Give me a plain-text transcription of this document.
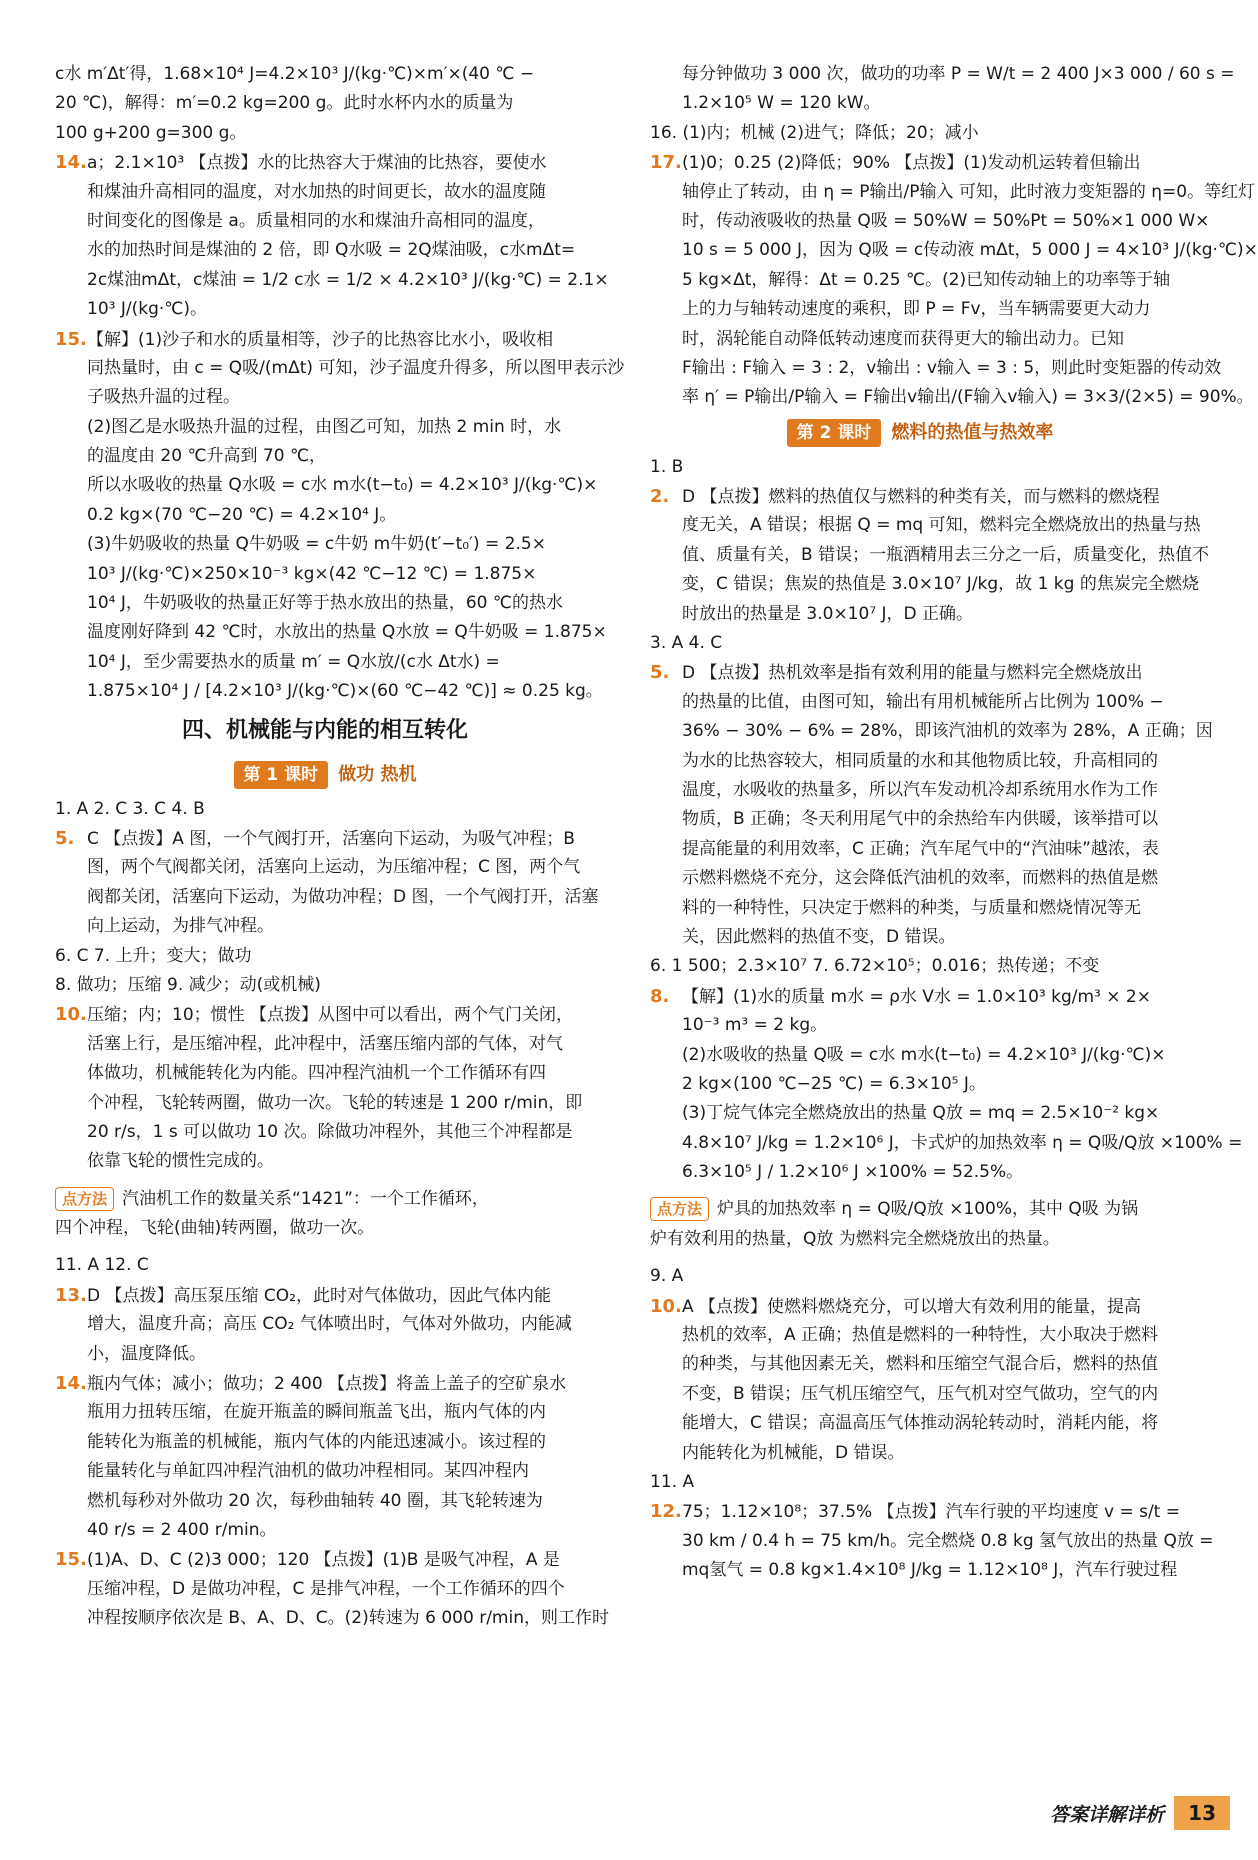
c水 m′Δt′得，1.68×10⁴ J=4.2×10³ J/(kg·℃)×m′×(40 ℃ −
20 ℃)，解得：m′=0.2 kg=200 g。此时水杯内水的质量为
100 g+200 g=300 g。
14.a；2.1×10³ 【点拨】水的比热容大于煤油的比热容，要使水
和煤油升高相同的温度，对水加热的时间更长，故水的温度随
时间变化的图像是 a。质量相同的水和煤油升高相同的温度，
水的加热时间是煤油的 2 倍，即 Q水吸 = 2Q煤油吸，c水mΔt=
2c煤油mΔt，c煤油 = 1/2 c水 = 1/2 × 4.2×10³ J/(kg·℃) = 2.1×
10³ J/(kg·℃)。
15.【解】(1)沙子和水的质量相等，沙子的比热容比水小，吸收相
同热量时，由 c = Q吸/(mΔt) 可知，沙子温度升得多，所以图甲表示沙
子吸热升温的过程。
(2)图乙是水吸热升温的过程，由图乙可知，加热 2 min 时，水
的温度由 20 ℃升高到 70 ℃，
所以水吸收的热量 Q水吸 = c水 m水(t−t₀) = 4.2×10³ J/(kg·℃)×
0.2 kg×(70 ℃−20 ℃) = 4.2×10⁴ J。
(3)牛奶吸收的热量 Q牛奶吸 = c牛奶 m牛奶(t′−t₀′) = 2.5×
10³ J/(kg·℃)×250×10⁻³ kg×(42 ℃−12 ℃) = 1.875×
10⁴ J，牛奶吸收的热量正好等于热水放出的热量，60 ℃的热水
温度刚好降到 42 ℃时，水放出的热量 Q水放 = Q牛奶吸 = 1.875×
10⁴ J，至少需要热水的质量 m′ = Q水放/(c水 Δt水) =
1.875×10⁴ J / [4.2×10³ J/(kg·℃)×(60 ℃−42 ℃)] ≈ 0.25 kg。
四、机械能与内能的相互转化
第 1 课时 做功 热机
1. A 2. C 3. C 4. B
5. C 【点拨】A 图，一个气阀打开，活塞向下运动，为吸气冲程；B
图，两个气阀都关闭，活塞向上运动，为压缩冲程；C 图，两个气
阀都关闭，活塞向下运动，为做功冲程；D 图，一个气阀打开，活塞
向上运动，为排气冲程。
6. C 7. 上升；变大；做功
8. 做功；压缩 9. 减少；动(或机械)
10.压缩；内；10；惯性 【点拨】从图中可以看出，两个气门关闭，
活塞上行，是压缩冲程，此冲程中，活塞压缩内部的气体，对气
体做功，机械能转化为内能。四冲程汽油机一个工作循环有四
个冲程，飞轮转两圈，做功一次。飞轮的转速是 1 200 r/min，即
20 r/s，1 s 可以做功 10 次。除做功冲程外，其他三个冲程都是
依靠飞轮的惯性完成的。
点方法 汽油机工作的数量关系“1421”：一个工作循环，
四个冲程，飞轮(曲轴)转两圈，做功一次。
11. A 12. C
13.D 【点拨】高压泵压缩 CO₂，此时对气体做功，因此气体内能
增大，温度升高；高压 CO₂ 气体喷出时，气体对外做功，内能减
小，温度降低。
14.瓶内气体；减小；做功；2 400 【点拨】将盖上盖子的空矿泉水
瓶用力扭转压缩，在旋开瓶盖的瞬间瓶盖飞出，瓶内气体的内
能转化为瓶盖的机械能，瓶内气体的内能迅速减小。该过程的
能量转化与单缸四冲程汽油机的做功冲程相同。某四冲程内
燃机每秒对外做功 20 次，每秒曲轴转 40 圈，其飞轮转速为
40 r/s = 2 400 r/min。
15.(1)A、D、C (2)3 000；120 【点拨】(1)B 是吸气冲程，A 是
压缩冲程，D 是做功冲程，C 是排气冲程，一个工作循环的四个
冲程按顺序依次是 B、A、D、C。(2)转速为 6 000 r/min，则工作时
每分钟做功 3 000 次，做功的功率 P = W/t = 2 400 J×3 000 / 60 s =
1.2×10⁵ W = 120 kW。
16. (1)内；机械 (2)进气；降低；20；减小
17.(1)0；0.25 (2)降低；90% 【点拨】(1)发动机运转着但输出
轴停止了转动，由 η = P输出/P输入 可知，此时液力变矩器的 η=0。等红灯
时，传动液吸收的热量 Q吸 = 50%W = 50%Pt = 50%×1 000 W×
10 s = 5 000 J，因为 Q吸 = c传动液 mΔt，5 000 J = 4×10³ J/(kg·℃)×
5 kg×Δt，解得：Δt = 0.25 ℃。(2)已知传动轴上的功率等于轴
上的力与轴转动速度的乘积，即 P = Fv，当车辆需要更大动力
时，涡轮能自动降低转动速度而获得更大的输出动力。已知
F输出 : F输入 = 3 : 2，v输出 : v输入 = 3 : 5，则此时变矩器的传动效
率 η′ = P输出/P输入 = F输出v输出/(F输入v输入) = 3×3/(2×5) = 90%。
第 2 课时 燃料的热值与热效率
1. B
2. D 【点拨】燃料的热值仅与燃料的种类有关，而与燃料的燃烧程
度无关，A 错误；根据 Q = mq 可知，燃料完全燃烧放出的热量与热
值、质量有关，B 错误；一瓶酒精用去三分之一后，质量变化，热值不
变，C 错误；焦炭的热值是 3.0×10⁷ J/kg，故 1 kg 的焦炭完全燃烧
时放出的热量是 3.0×10⁷ J，D 正确。
3. A 4. C
5. D 【点拨】热机效率是指有效利用的能量与燃料完全燃烧放出
的热量的比值，由图可知，输出有用机械能所占比例为 100% −
36% − 30% − 6% = 28%，即该汽油机的效率为 28%，A 正确；因
为水的比热容较大，相同质量的水和其他物质比较，升高相同的
温度，水吸收的热量多，所以汽车发动机冷却系统用水作为工作
物质，B 正确；冬天利用尾气中的余热给车内供暖，该举措可以
提高能量的利用效率，C 正确；汽车尾气中的“汽油味”越浓，表
示燃料燃烧不充分，这会降低汽油机的效率，而燃料的热值是燃
料的一种特性，只决定于燃料的种类，与质量和燃烧情况等无
关，因此燃料的热值不变，D 错误。
6. 1 500；2.3×10⁷ 7. 6.72×10⁵；0.016；热传递；不变
8. 【解】(1)水的质量 m水 = ρ水 V水 = 1.0×10³ kg/m³ × 2×
10⁻³ m³ = 2 kg。
(2)水吸收的热量 Q吸 = c水 m水(t−t₀) = 4.2×10³ J/(kg·℃)×
2 kg×(100 ℃−25 ℃) = 6.3×10⁵ J。
(3)丁烷气体完全燃烧放出的热量 Q放 = mq = 2.5×10⁻² kg×
4.8×10⁷ J/kg = 1.2×10⁶ J，卡式炉的加热效率 η = Q吸/Q放 ×100% =
6.3×10⁵ J / 1.2×10⁶ J ×100% = 52.5%。
点方法 炉具的加热效率 η = Q吸/Q放 ×100%，其中 Q吸 为锅
炉有效利用的热量，Q放 为燃料完全燃烧放出的热量。
9. A
10.A 【点拨】使燃料燃烧充分，可以增大有效利用的能量，提高
热机的效率，A 正确；热值是燃料的一种特性，大小取决于燃料
的种类，与其他因素无关，燃料和压缩空气混合后，燃料的热值
不变，B 错误；压气机压缩空气，压气机对空气做功，空气的内
能增大，C 错误；高温高压气体推动涡轮转动时，消耗内能，将
内能转化为机械能，D 错误。
11. A
12.75；1.12×10⁸；37.5% 【点拨】汽车行驶的平均速度 v = s/t =
30 km / 0.4 h = 75 km/h。完全燃烧 0.8 kg 氢气放出的热量 Q放 =
mq氢气 = 0.8 kg×1.4×10⁸ J/kg = 1.12×10⁸ J，汽车行驶过程
答案详解详析	13
